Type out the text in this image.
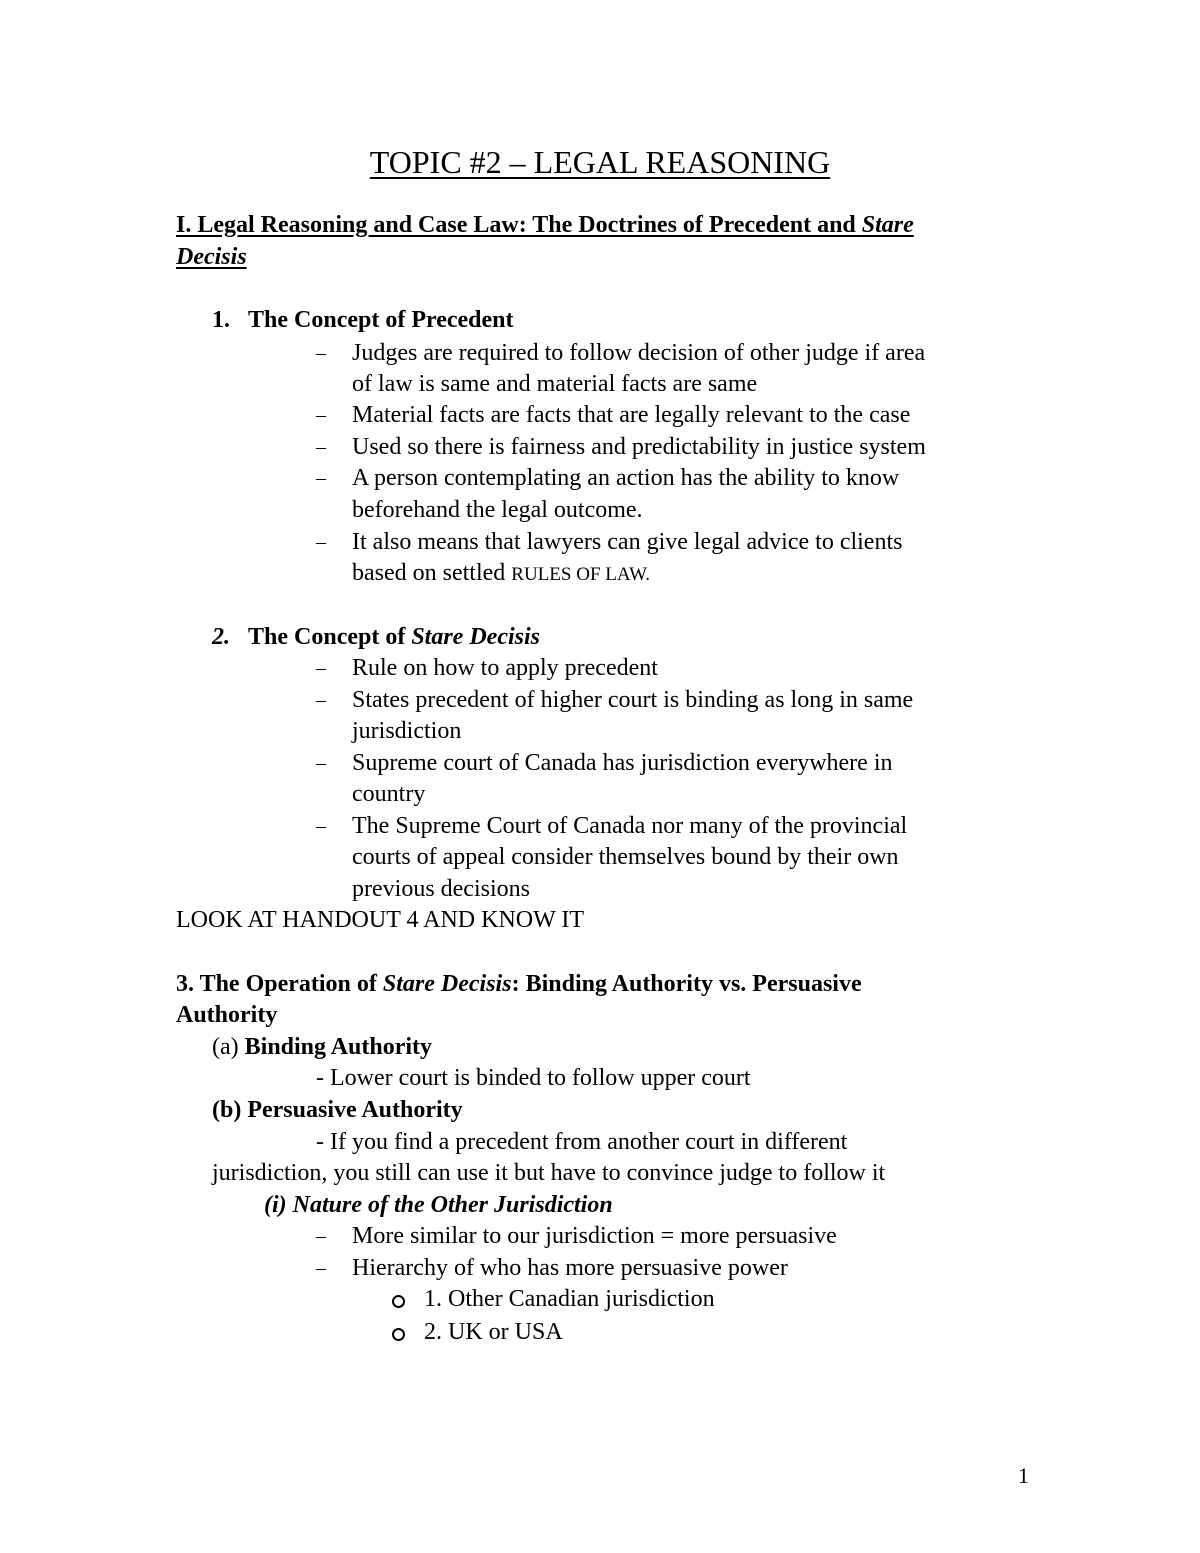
TOPIC #2 – LEGAL REASONING
I. Legal Reasoning and Case Law: The Doctrines of Precedent and Stare
Decisis
1. The Concept of Precedent
– Judges are required to follow decision of other judge if area
of law is same and material facts are same
– Material facts are facts that are legally relevant to the case
– Used so there is fairness and predictability in justice system
– A person contemplating an action has the ability to know
beforehand the legal outcome.
– It also means that lawyers can give legal advice to clients
based on settled RULES OF LAW.
2. The Concept of Stare Decisis
– Rule on how to apply precedent
– States precedent of higher court is binding as long in same
jurisdiction
– Supreme court of Canada has jurisdiction everywhere in
country
– The Supreme Court of Canada nor many of the provincial
courts of appeal consider themselves bound by their own
previous decisions
LOOK AT HANDOUT 4 AND KNOW IT
3. The Operation of Stare Decisis: Binding Authority vs. Persuasive
Authority
(a) Binding Authority
- Lower court is binded to follow upper court
(b) Persuasive Authority
- If you find a precedent from another court in different
jurisdiction, you still can use it but have to convince judge to follow it
(i) Nature of the Other Jurisdiction
– More similar to our jurisdiction = more persuasive
– Hierarchy of who has more persuasive power
1. Other Canadian jurisdiction
2. UK or USA
1
